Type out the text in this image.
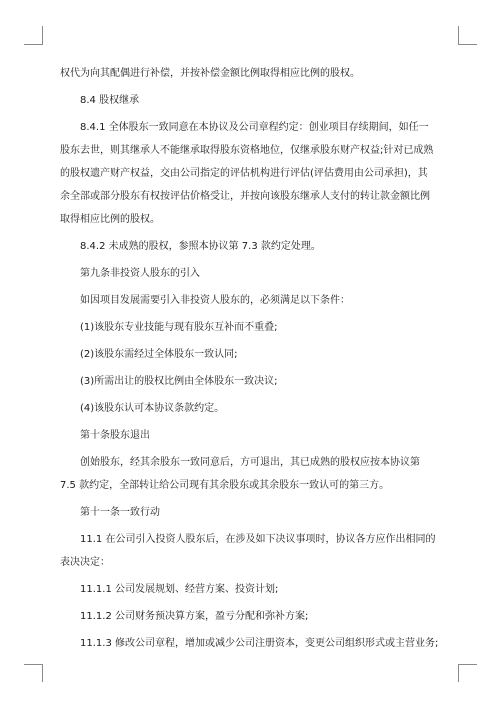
权代为向其配偶进行补偿，并按补偿金额比例取得相应比例的股权。

8.4 股权继承

8.4.1 全体股东一致同意在本协议及公司章程约定：创业项目存续期间，如任一

股东去世，则其继承人不能继承取得股东资格地位，仅继承股东财产权益;针对已成熟

的股权遗产财产权益，交由公司指定的评估机构进行评估(评估费用由公司承担)，其

余全部或部分股东有权按评估价格受让，并按向该股东继承人支付的转让款金额比例

取得相应比例的股权。

8.4.2 未成熟的股权，参照本协议第 7.3 款约定处理。

第九条非投资人股东的引入

如因项目发展需要引入非投资人股东的，必须满足以下条件：

(1)该股东专业技能与现有股东互补而不重叠;

(2)该股东需经过全体股东一致认同;

(3)所需出让的股权比例由全体股东一致决议;

(4)该股东认可本协议条款约定。

第十条股东退出

创始股东，经其余股东一致同意后，方可退出，其已成熟的股权应按本协议第

7.5 款约定，全部转让给公司现有其余股东或其余股东一致认可的第三方。

第十一条一致行动

11.1 在公司引入投资人股东后，在涉及如下决议事项时，协议各方应作出相同的

表决决定：

11.1.1 公司发展规划、经营方案、投资计划;

11.1.2 公司财务预决算方案，盈亏分配和弥补方案;

11.1.3 修改公司章程，增加或减少公司注册资本，变更公司组织形式或主营业务;
